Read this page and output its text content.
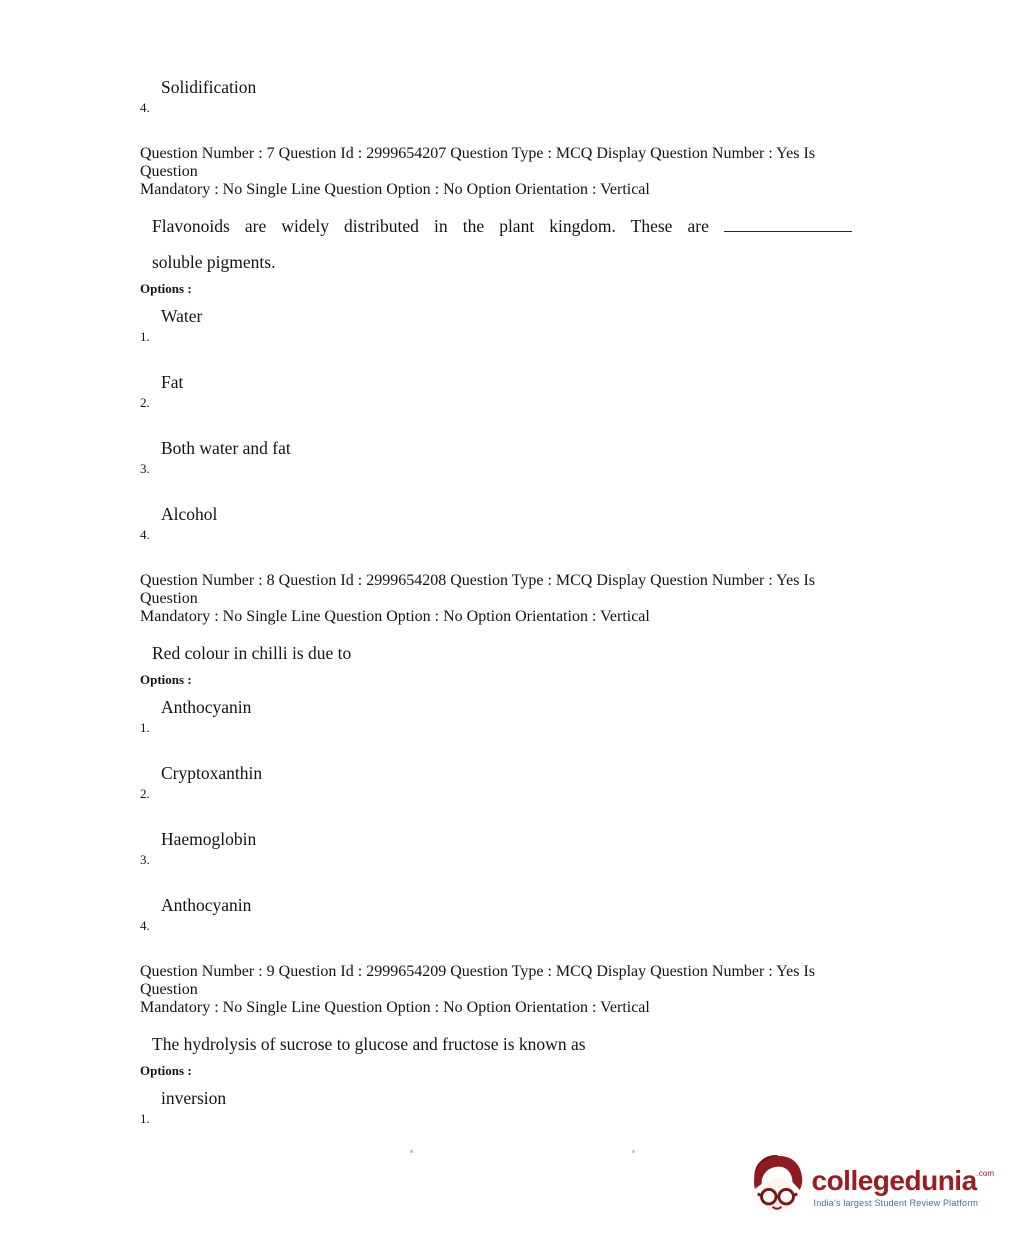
Solidification
4.

Question Number : 7 Question Id : 2999654207 Question Type : MCQ Display Question Number : Yes Is Question
Mandatory : No Single Line Question Option : No Option Orientation : Vertical

Flavonoids are widely distributed in the plant kingdom. These are

soluble pigments.

Options :

Water
1.
Fat
2.
Both water and fat
3.
Alcohol
4.

Question Number : 8 Question Id : 2999654208 Question Type : MCQ Display Question Number : Yes Is Question
Mandatory : No Single Line Question Option : No Option Orientation : Vertical

Red colour in chilli is due to

Options :

Anthocyanin
1.
Cryptoxanthin
2.
Haemoglobin
3.
Anthocyanin
4.

Question Number : 9 Question Id : 2999654209 Question Type : MCQ Display Question Number : Yes Is Question
Mandatory : No Single Line Question Option : No Option Orientation : Vertical

The hydrolysis of sucrose to glucose and fructose is known as

Options :

inversion
1.
collegedunia .com
India's largest Student Review Platform
